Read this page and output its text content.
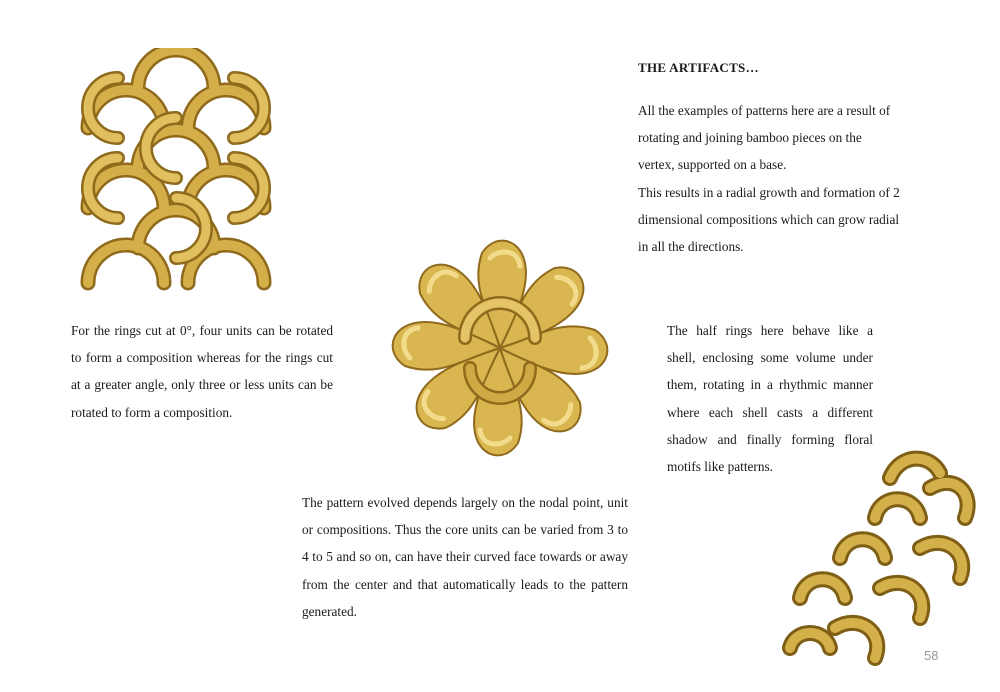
THE ARTIFACTS…
All the examples of patterns here are a result of
rotating and joining bamboo pieces on the
vertex, supported on a base.
This results in a radial growth and formation of 2
dimensional compositions which can grow radial
in all the directions.

For the rings cut at 0°, four units can be rotated to form a composition whereas for the rings cut at a greater angle, only three or less units can be rotated to form a composition.

The pattern evolved depends largely on the nodal point, unit or compositions. Thus the core units can be varied from 3 to 4 to 5 and so on, can have their curved face towards or away from the center and that automatically leads to the pattern generated.

The half rings here behave like a shell, enclosing some volume under them, rotating in a rhythmic manner where each shell casts a different shadow and finally forming floral motifs like patterns.

58
